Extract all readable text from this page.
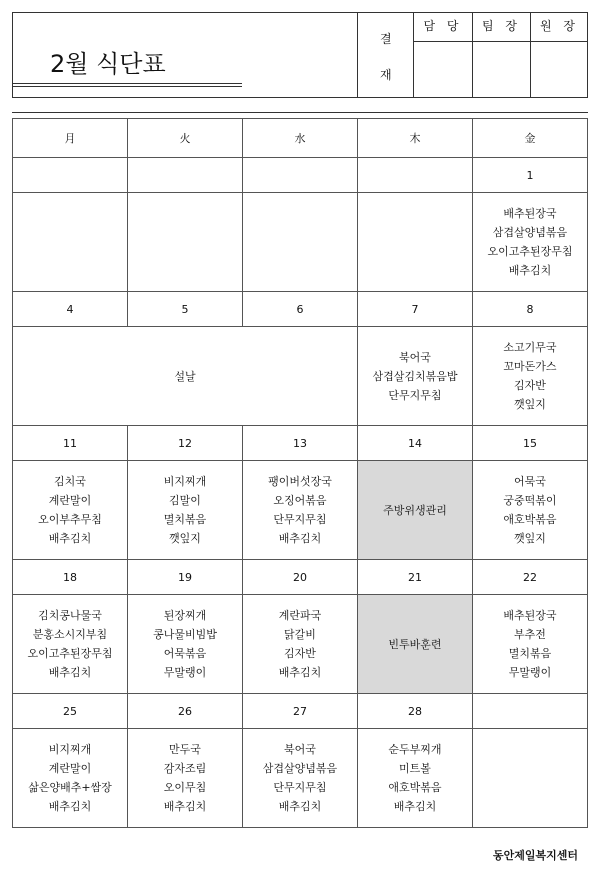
2월 식단표
결
재
담 당	팀 장	원 장
月	火	水	木	金
				1

				배추된장국
삼겹살양념볶음
오이고추된장무침
배추김치

4	5	6	7	8
설날			북어국
삼겹살김치볶음밥
단무지무침	소고기무국
꼬마돈가스
김자반
깻잎지

11	12	13	14	15

김치국
계란말이
오이부추무침
배추김치	비지찌개
김말이
멸치볶음
깻잎지	팽이버섯장국
오징어볶음
단무지무침
배추김치	주방위생관리	어묵국
궁중떡볶이
애호박볶음
깻잎지

18	19	20	21	22

김치콩나물국
분홍소시지부침
오이고추된장무침
배추김치	된장찌개
콩나물비빔밥
어묵볶음
무말랭이	계란파국
닭갈비
김자반
배추김치	빈투바훈련	배추된장국
부추전
멸치볶음
무말랭이

25	26	27	28	

비지찌개
계란말이
삶은양배추+쌈장
배추김치	만두국
감자조림
오이무침
배추김치	북어국
삼겹살양념볶음
단무지무침
배추김치	순두부찌개
미트볼
애호박볶음
배추김치	

동안제일복지센터
